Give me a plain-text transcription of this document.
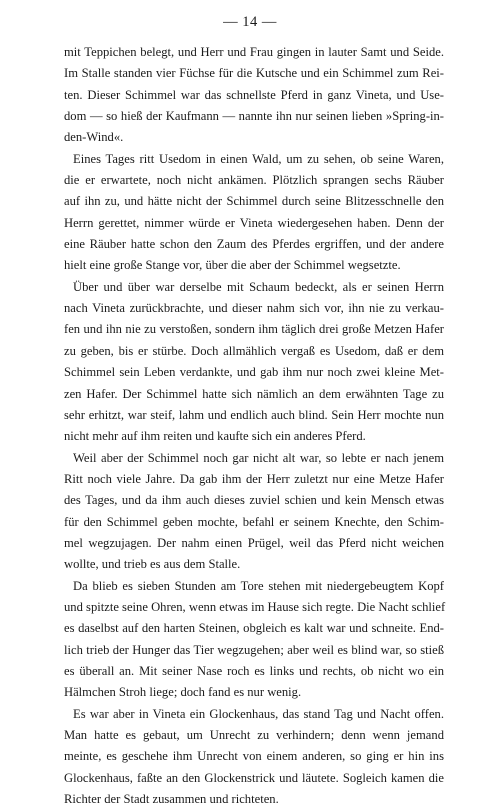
— 14 —

mit Teppichen belegt, und Herr und Frau gingen in lauter Samt und Seide.
Im Stalle standen vier Füchse für die Kutsche und ein Schimmel zum Rei-
ten. Dieser Schimmel war das schnellste Pferd in ganz Vineta, und Use-
dom — so hieß der Kaufmann — nannte ihn nur seinen lieben »Spring-in-
den-Wind«.

Eines Tages ritt Usedom in einen Wald, um zu sehen, ob seine Waren,
die er erwartete, noch nicht ankämen. Plötzlich sprangen sechs Räuber
auf ihn zu, und hätte nicht der Schimmel durch seine Blitzesschnelle den
Herrn gerettet, nimmer würde er Vineta wiedergesehen haben. Denn der
eine Räuber hatte schon den Zaum des Pferdes ergriffen, und der andere
hielt eine große Stange vor, über die aber der Schimmel wegsetzte.

Über und über war derselbe mit Schaum bedeckt, als er seinen Herrn
nach Vineta zurückbrachte, und dieser nahm sich vor, ihn nie zu verkau-
fen und ihn nie zu verstoßen, sondern ihm täglich drei große Metzen Hafer
zu geben, bis er stürbe. Doch allmählich vergaß es Usedom, daß er dem
Schimmel sein Leben verdankte, und gab ihm nur noch zwei kleine Met-
zen Hafer. Der Schimmel hatte sich nämlich an dem erwähnten Tage zu
sehr erhitzt, war steif, lahm und endlich auch blind. Sein Herr mochte nun
nicht mehr auf ihm reiten und kaufte sich ein anderes Pferd.

Weil aber der Schimmel noch gar nicht alt war, so lebte er nach jenem
Ritt noch viele Jahre. Da gab ihm der Herr zuletzt nur eine Metze Hafer
des Tages, und da ihm auch dieses zuviel schien und kein Mensch etwas
für den Schimmel geben mochte, befahl er seinem Knechte, den Schim-
mel wegzujagen. Der nahm einen Prügel, weil das Pferd nicht weichen
wollte, und trieb es aus dem Stalle.

Da blieb es sieben Stunden am Tore stehen mit niedergebeugtem Kopf
und spitzte seine Ohren, wenn etwas im Hause sich regte. Die Nacht schlief
es daselbst auf den harten Steinen, obgleich es kalt war und schneite. End-
lich trieb der Hunger das Tier wegzugehen; aber weil es blind war, so stieß
es überall an. Mit seiner Nase roch es links und rechts, ob nicht wo ein
Hälmchen Stroh liege; doch fand es nur wenig.

Es war aber in Vineta ein Glockenhaus, das stand Tag und Nacht offen.
Man hatte es gebaut, um Unrecht zu verhindern; denn wenn jemand
meinte, es geschehe ihm Unrecht von einem anderen, so ging er hin ins
Glockenhaus, faßte an den Glockenstrick und läutete. Sogleich kamen die
Richter der Stadt zusammen und richteten.
